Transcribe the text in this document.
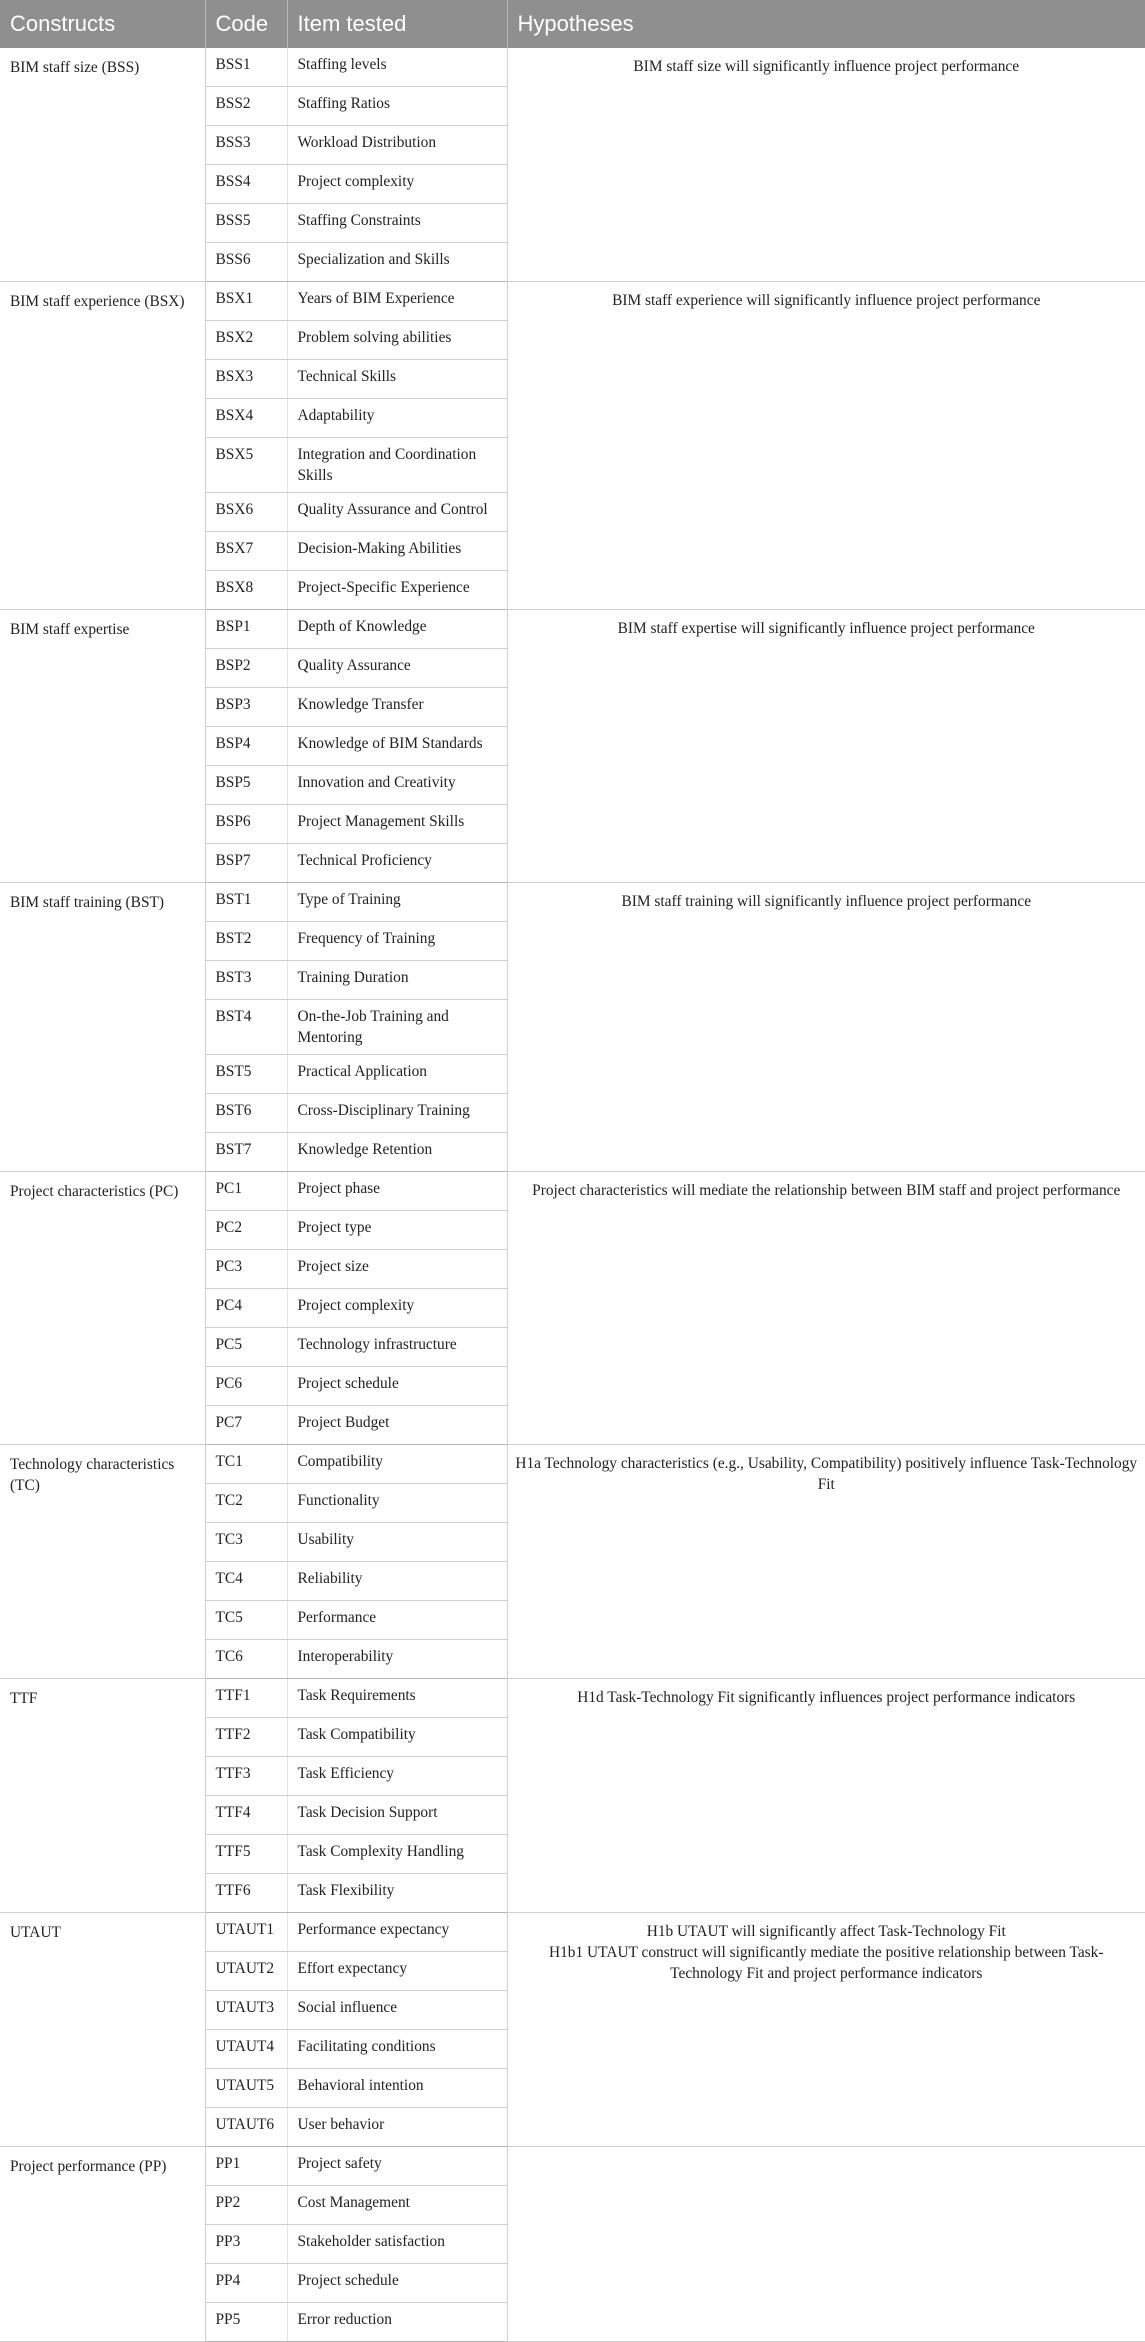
Constructs	Code	Item tested	Hypotheses
BIM staff size (BSS)	BSS1	Staffing levels	BIM staff size will significantly influence project performance

	BSS2	Staffing Ratios	
	BSS3	Workload Distribution	
	BSS4	Project complexity	
	BSS5	Staffing Constraints	
	BSS6	Specialization and Skills	
BIM staff experience (BSX)	BSX1	Years of BIM Experience	BIM staff experience will significantly influence project performance

	BSX2	Problem solving abilities	
	BSX3	Technical Skills	
	BSX4	Adaptability	
	BSX5	Integration and Coordination Skills	
	BSX6	Quality Assurance and Control	
	BSX7	Decision-Making Abilities	
	BSX8	Project-Specific Experience	
BIM staff expertise	BSP1	Depth of Knowledge	BIM staff expertise will significantly influence project performance

	BSP2	Quality Assurance	
	BSP3	Knowledge Transfer	
	BSP4	Knowledge of BIM Standards	
	BSP5	Innovation and Creativity	
	BSP6	Project Management Skills	
	BSP7	Technical Proficiency	
BIM staff training (BST)	BST1	Type of Training	BIM staff training will significantly influence project performance

	BST2	Frequency of Training	
	BST3	Training Duration	
	BST4	On-the-Job Training and Mentoring	
	BST5	Practical Application	
	BST6	Cross-Disciplinary Training	
	BST7	Knowledge Retention	
Project characteristics (PC)	PC1	Project phase	Project characteristics will mediate the relationship between BIM staff and project performance

	PC2	Project type	
	PC3	Project size	
	PC4	Project complexity	
	PC5	Technology infrastructure	
	PC6	Project schedule	
	PC7	Project Budget	
Technology characteristics (TC)	TC1	Compatibility	H1a Technology characteristics (e.g., Usability, Compatibility) positively influence Task-Technology Fit

	TC2	Functionality	
	TC3	Usability	
	TC4	Reliability	
	TC5	Performance	
	TC6	Interoperability	
TTF	TTF1	Task Requirements	H1d Task-Technology Fit significantly influences project performance indicators

	TTF2	Task Compatibility	
	TTF3	Task Efficiency	
	TTF4	Task Decision Support	
	TTF5	Task Complexity Handling	
	TTF6	Task Flexibility	
UTAUT	UTAUT1	Performance expectancy	H1b UTAUT will significantly affect Task-Technology Fit
H1b1 UTAUT construct will significantly mediate the positive relationship between Task-Technology Fit and project performance indicators

	UTAUT2	Effort expectancy	
	UTAUT3	Social influence	
	UTAUT4	Facilitating conditions	
	UTAUT5	Behavioral intention	
	UTAUT6	User behavior	
Project performance (PP)	PP1	Project safety	

	PP2	Cost Management	
	PP3	Stakeholder satisfaction	
	PP4	Project schedule	
	PP5	Error reduction	
